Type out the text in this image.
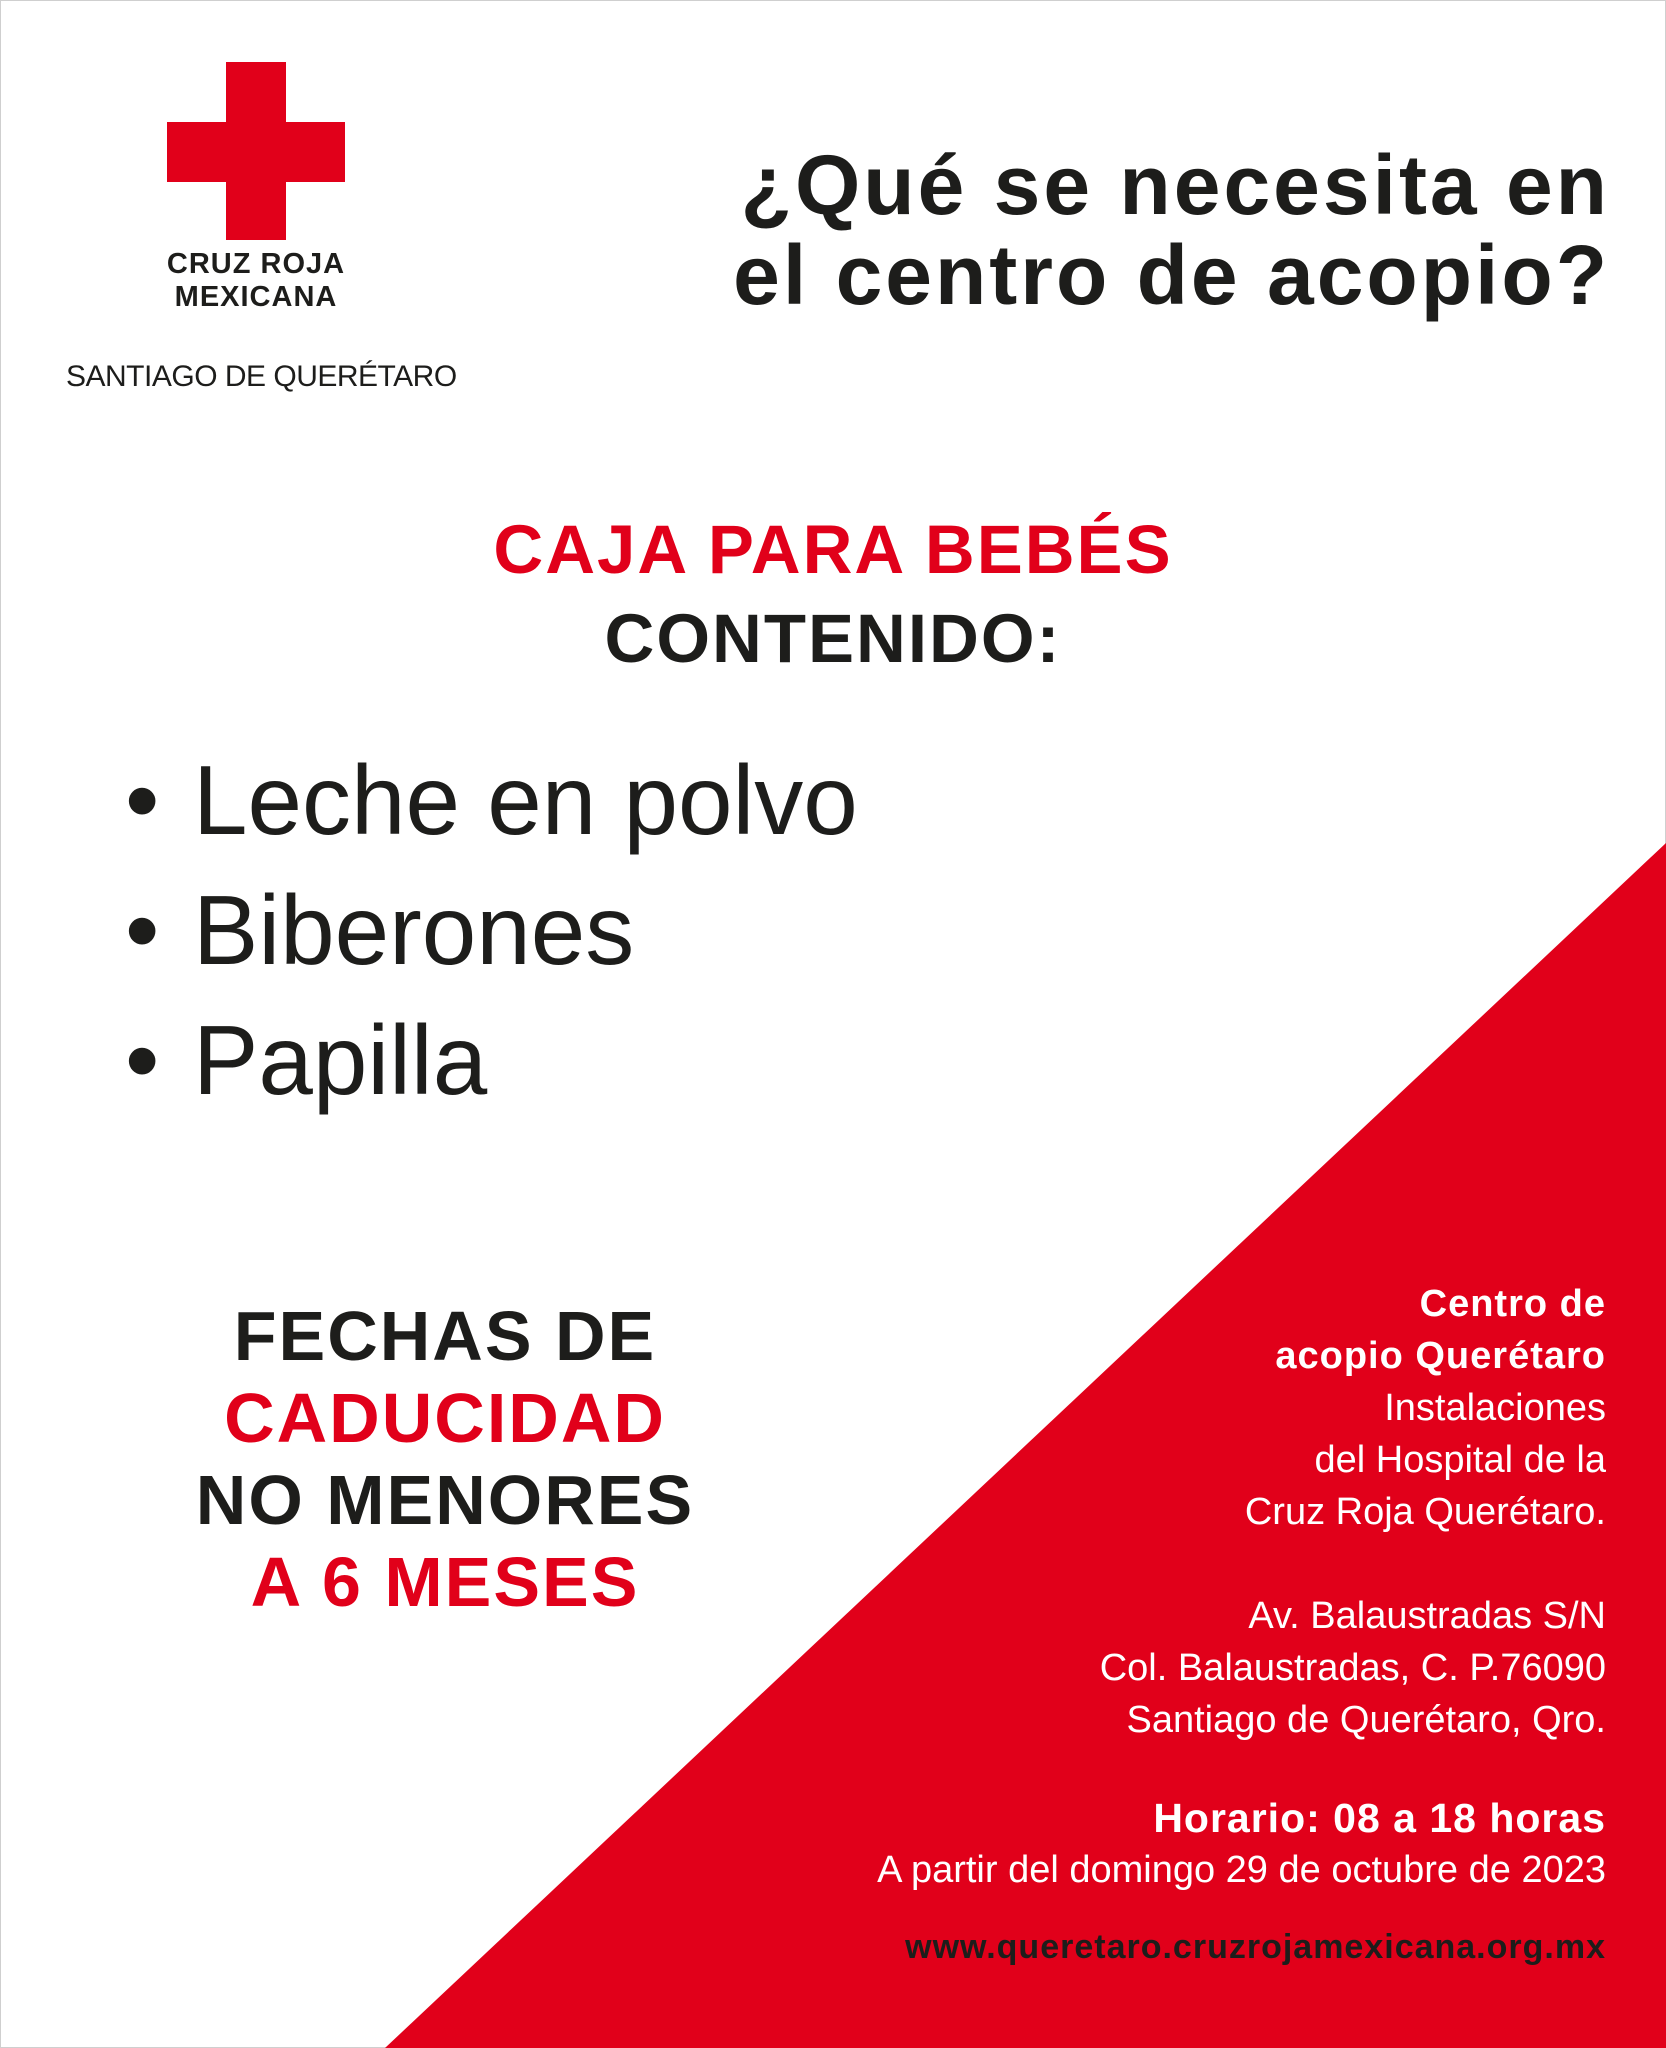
CRUZ ROJA
MEXICANA
SANTIAGO DE QUERÉTARO
¿Qué se necesita en
el centro de acopio?
CAJA PARA BEBÉS
CONTENIDO:
• Leche en polvo
• Biberones
• Papilla
FECHAS DE
CADUCIDAD
NO MENORES
A 6 MESES
Centro de
acopio Querétaro
Instalaciones
del Hospital de la
Cruz Roja Querétaro.
Av. Balaustradas S/N
Col. Balaustradas, C. P.76090
Santiago de Querétaro, Qro.
Horario: 08 a 18 horas
A partir del domingo 29 de octubre de 2023
www.queretaro.cruzrojamexicana.org.mx
